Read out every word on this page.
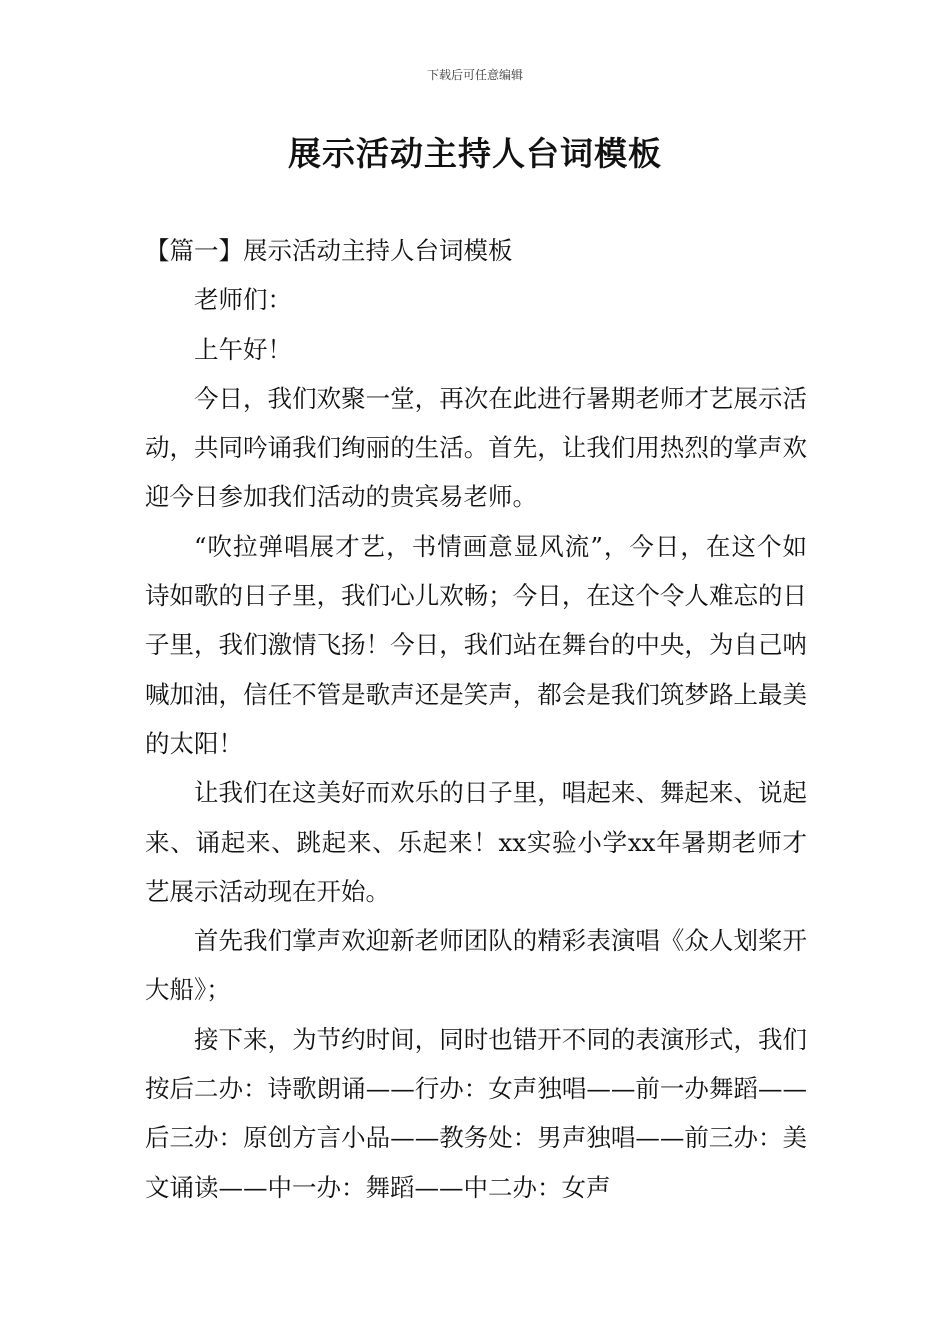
下载后可任意编辑
展示活动主持人台词模板

【篇一】展示活动主持人台词模板

老师们：

上午好！

今日，我们欢聚一堂，再次在此进行暑期老师才艺展示活动，共同吟诵我们绚丽的生活。首先，让我们用热烈的掌声欢迎今日参加我们活动的贵宾易老师。

“吹拉弹唱展才艺，书情画意显风流”，今日，在这个如诗如歌的日子里，我们心儿欢畅；今日，在这个令人难忘的日子里，我们激情飞扬！今日，我们站在舞台的中央，为自己呐喊加油，信任不管是歌声还是笑声，都会是我们筑梦路上最美的太阳！

让我们在这美好而欢乐的日子里，唱起来、舞起来、说起来、诵起来、跳起来、乐起来！xx实验小学xx年暑期老师才艺展示活动现在开始。

首先我们掌声欢迎新老师团队的精彩表演唱《众人划桨开大船》；

接下来，为节约时间，同时也错开不同的表演形式，我们按后二办：诗歌朗诵——行办：女声独唱——前一办舞蹈——后三办：原创方言小品——教务处：男声独唱——前三办：美文诵读——中一办：舞蹈——中二办：女声
